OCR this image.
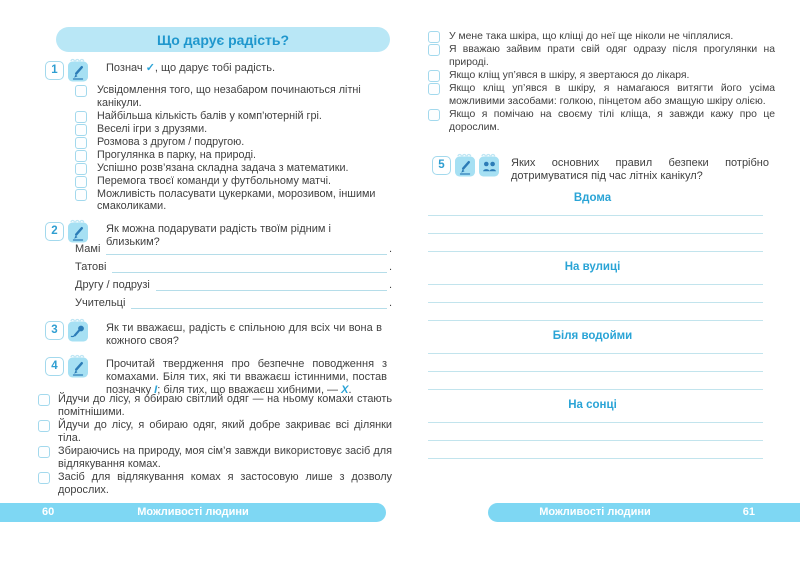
Що дарує радість?
1	Познач ✓, що дарує тобі радість.
Усвідомлення того, що незабаром починаються літні канікули.
Найбільша кількість балів у комп’ютерній грі.
Веселі ігри з друзями.
Розмова з другом / подругою.
Прогулянка в парку, на природі.
Успішно розв’язана складна задача з математики.
Перемога твоєї команди у футбольному матчі.
Можливість поласувати цукерками, морозивом, іншими смаколиками.
2	Як можна подарувати радість твоїм рідним і близьким?
Мамі	.
Татові	.
Другу / подрузі	.
Учительці	.
3	Як ти вважаєш, радість є спільною для всіх чи вона в кожного своя?
4	Прочитай твердження про безпечне поводження з комахами. Біля тих, які ти вважаєш істинними, постав позначку І; біля тих, що вважаєш хибними, — X.
Йдучи до лісу, я обираю світлий одяг — на ньому комахи стають помітнішими.
Йдучи до лісу, я обираю одяг, який добре закриває всі ділянки тіла.
Збираючись на природу, моя сім’я завжди використовує засіб для відлякування комах.
Засіб для відлякування комах я застосовую лише з дозволу дорослих.
У мене така шкіра, що кліщі до неї ще ніколи не чіплялися.
Я вважаю зайвим прати свій одяг одразу після прогулянки на природі.
Якщо кліщ уп’явся в шкіру, я звертаюся до лікаря.
Якщо кліщ уп’явся в шкіру, я намагаюся витягти його усіма можливими засобами: голкою, пінцетом або змащую шкіру олією.
Якщо я помічаю на своєму тілі кліща, я завжди кажу про це дорослим.
5	Яких основних правил безпеки потрібно дотримуватися під час літніх канікул?
Вдома
На вулиці
Біля водойми
На сонці
60	Можливості людини	Можливості людини	61
